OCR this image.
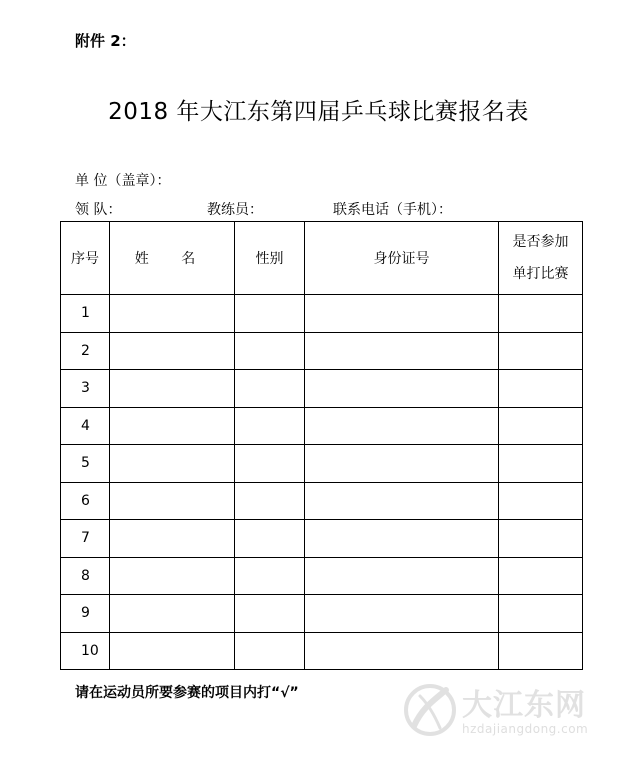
附件 2：
2018 年大江东第四届乒乓球比赛报名表
单 位（盖章）：
领 队：	教练员：	联系电话（手机）：
序号	姓 名	性别	身份证号	是否参加
单打比赛

1				
2				
3				
4				
5				
6				
7				
8				
9				
10				
请在运动员所要参赛的项目内打“√”	大江东网
hzdajiangdong.com
